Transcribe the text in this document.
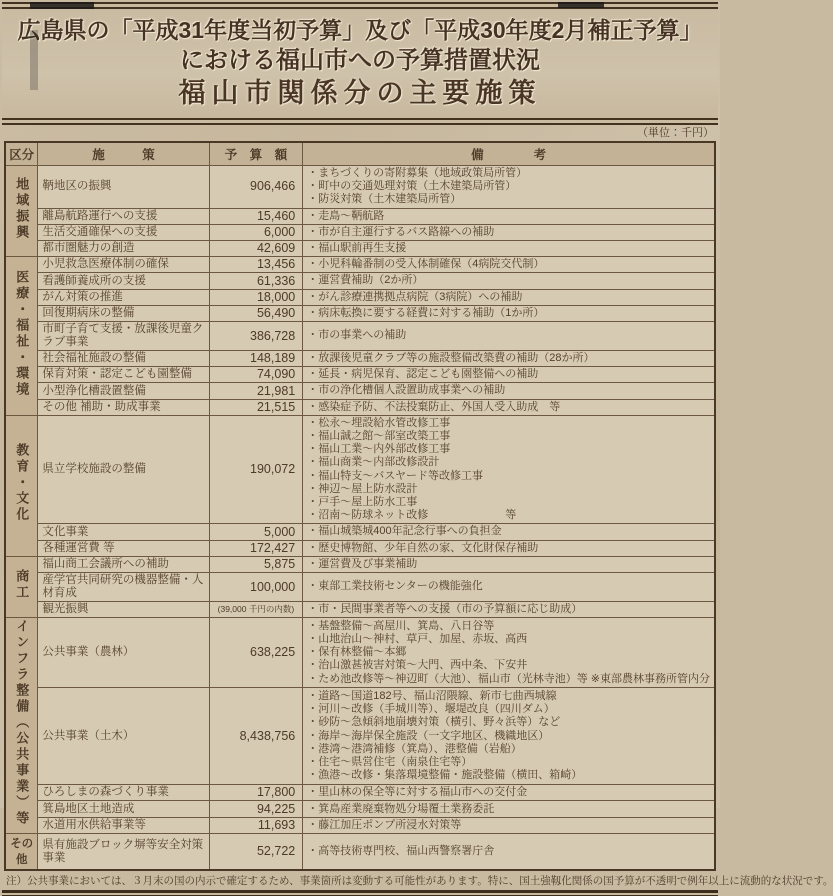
広島県の「平成31年度当初予算」及び「平成30年度2月補正予算」
における福山市への予算措置状況
福山市関係分の主要施策
（単位：千円）
区分	施　　　策	予　算　額	備　　　　考
地域振興	鞆地区の振興	906,466	・まちづくりの寄附募集（地域政策局所管）
・町中の交通処理対策（土木建築局所管）
・防災対策（土木建築局所管）

	離島航路運行への支援	15,460	・走島～鞆航路

	生活交通確保への支援	6,000	・市が自主運行するバス路線への補助

	都市圏魅力の創造	42,609	・福山駅前再生支援

医療・福祉・環境	小児救急医療体制の確保	13,456	・小児科輪番制の受入体制確保（4病院交代制）

	看護師養成所の支援	61,336	・運営費補助（2か所）

	がん対策の推進	18,000	・がん診療連携拠点病院（3病院）への補助

	回復期病床の整備	56,490	・病床転換に要する経費に対する補助（1か所）

	市町子育て支援・放課後児童クラブ事業	386,728	・市の事業への補助

	社会福祉施設の整備	148,189	・放課後児童クラブ等の施設整備改築費の補助（28か所）

	保育対策・認定こども園整備	74,090	・延長・病児保育、認定こども園整備への補助

	小型浄化槽設置整備	21,981	・市の浄化槽個人設置助成事業への補助

	その他 補助・助成事業	21,515	・感染症予防、不法投棄防止、外国人受入助成　等

教育・文化	県立学校施設の整備	190,072	
・松永～埋設給水管改修工事
・福山誠之館～部室改築工事
・福山工業～内外部改修工事
・福山商業～内部改修設計
・福山特支～バスヤード等改修工事
・神辺～屋上防水設計
・戸手～屋上防水工事
・沼南～防球ネット改修　　　　　　　等

	文化事業	5,000	・福山城築城400年記念行事への負担金

	各種運営費 等	172,427	・歴史博物館、少年自然の家、文化財保存補助

商工	福山商工会議所への補助	5,875	・運営費及び事業補助

	産学官共同研究の機器整備・人材育成	100,000	・東部工業技術センターの機能強化

	観光振興	(39,000 千円の内数)	・市・民間事業者等への支援（市の予算額に応じ助成）

インフラ整備（公共事業）等	公共事業（農林）	638,225	・基盤整備～高屋川、箕島、八日谷等
・山地治山～神村、草戸、加屋、赤坂、高西
・保有林整備～本郷
・治山激甚被害対策～大門、西中条、下安井
・ため池改修等～神辺町（大池）、福山市（光林寺池）等 ※東部農林事務所管内分

公共事業（土木）	8,438,756	
・道路～国道182号、福山沼隈線、新市七曲西城線
・河川～改修（手城川等）、堰堤改良（四川ダム）
・砂防～急傾斜地崩壊対策（横引、野々浜等）など
・海岸～海岸保全施設（一文字地区、機織地区）
・港湾～港湾補修（箕島）、港整備（岩船）
・住宅～県営住宅（南泉住宅等）
・漁港～改修・集落環境整備・施設整備（横田、箱崎）

	ひろしまの森づくり事業	17,800	・里山林の保全等に対する福山市への交付金

	箕島地区土地造成	94,225	・箕島産業廃棄物処分場覆土業務委託

	水道用水供給事業等	11,693	・藤江加圧ポンプ所浸水対策等

その他	県有施設ブロック塀等安全対策事業	52,722	・高等技術専門校、福山西警察署庁舎
注）公共事業においては、３月末の国の内示で確定するため、事業箇所は変動する可能性があります。特に、国土強靱化関係の国予算が不透明で例年以上に流動的な状況です。
